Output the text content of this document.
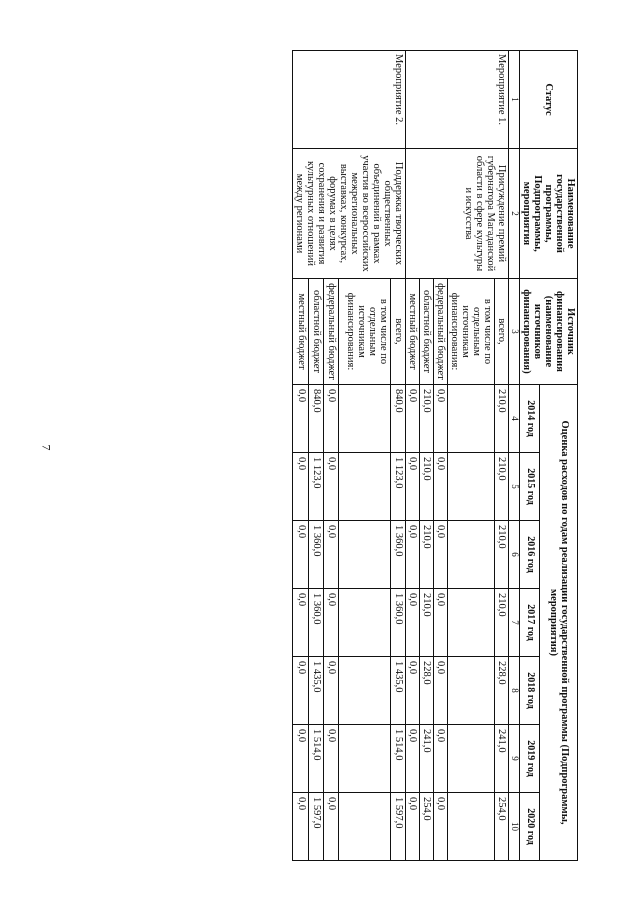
7
Статус	Наименование государственной программы, Подпрограммы, мероприятия	Источник финансирования (наименование источников финансирования)	Оценка расходов по годам реализации государственной программы (Подпрограммы, мероприятия)						
			2014 год	2015 год	2016 год	2017 год	2018 год	2019 год	2020 год
1	2	3	4	5	6	7	8	9	10
Мероприятие 1.	Присуждение премий губернатора Магаданской области в сфере культуры и искусства	всего,	210,0	210,0	210,0	210,0	228,0	241,0	254,0
		в том числе по отдельным источникам финансирования:							
		федеральный бюджет	0,0	0,0	0,0	0,0	0,0	0,0	0,0
		областной бюджет	210,0	210,0	210,0	210,0	228,0	241,0	254,0
		местный бюджет	0,0	0,0	0,0	0,0	0,0	0,0	0,0
Мероприятие 2.	Поддержка творческих общественных объединений в рамках участия во всероссийских межрегиональных выставках, конкурсах, форумах в целях сохранения и развития культурных отношений между регионами	всего,	840,0	1 123,0	1 360,0	1 360,0	1 435,0	1 514,0	1 597,0
		в том числе по отдельным источникам финансирования:							
		федеральный бюджет	0,0	0,0	0,0	0,0	0,0	0,0	0,0
		областной бюджет	840,0	1 123,0	1 360,0	1 360,0	1 435,0	1 514,0	1 597,0
		местный бюджет	0,0	0,0	0,0	0,0	0,0	0,0	0,0
